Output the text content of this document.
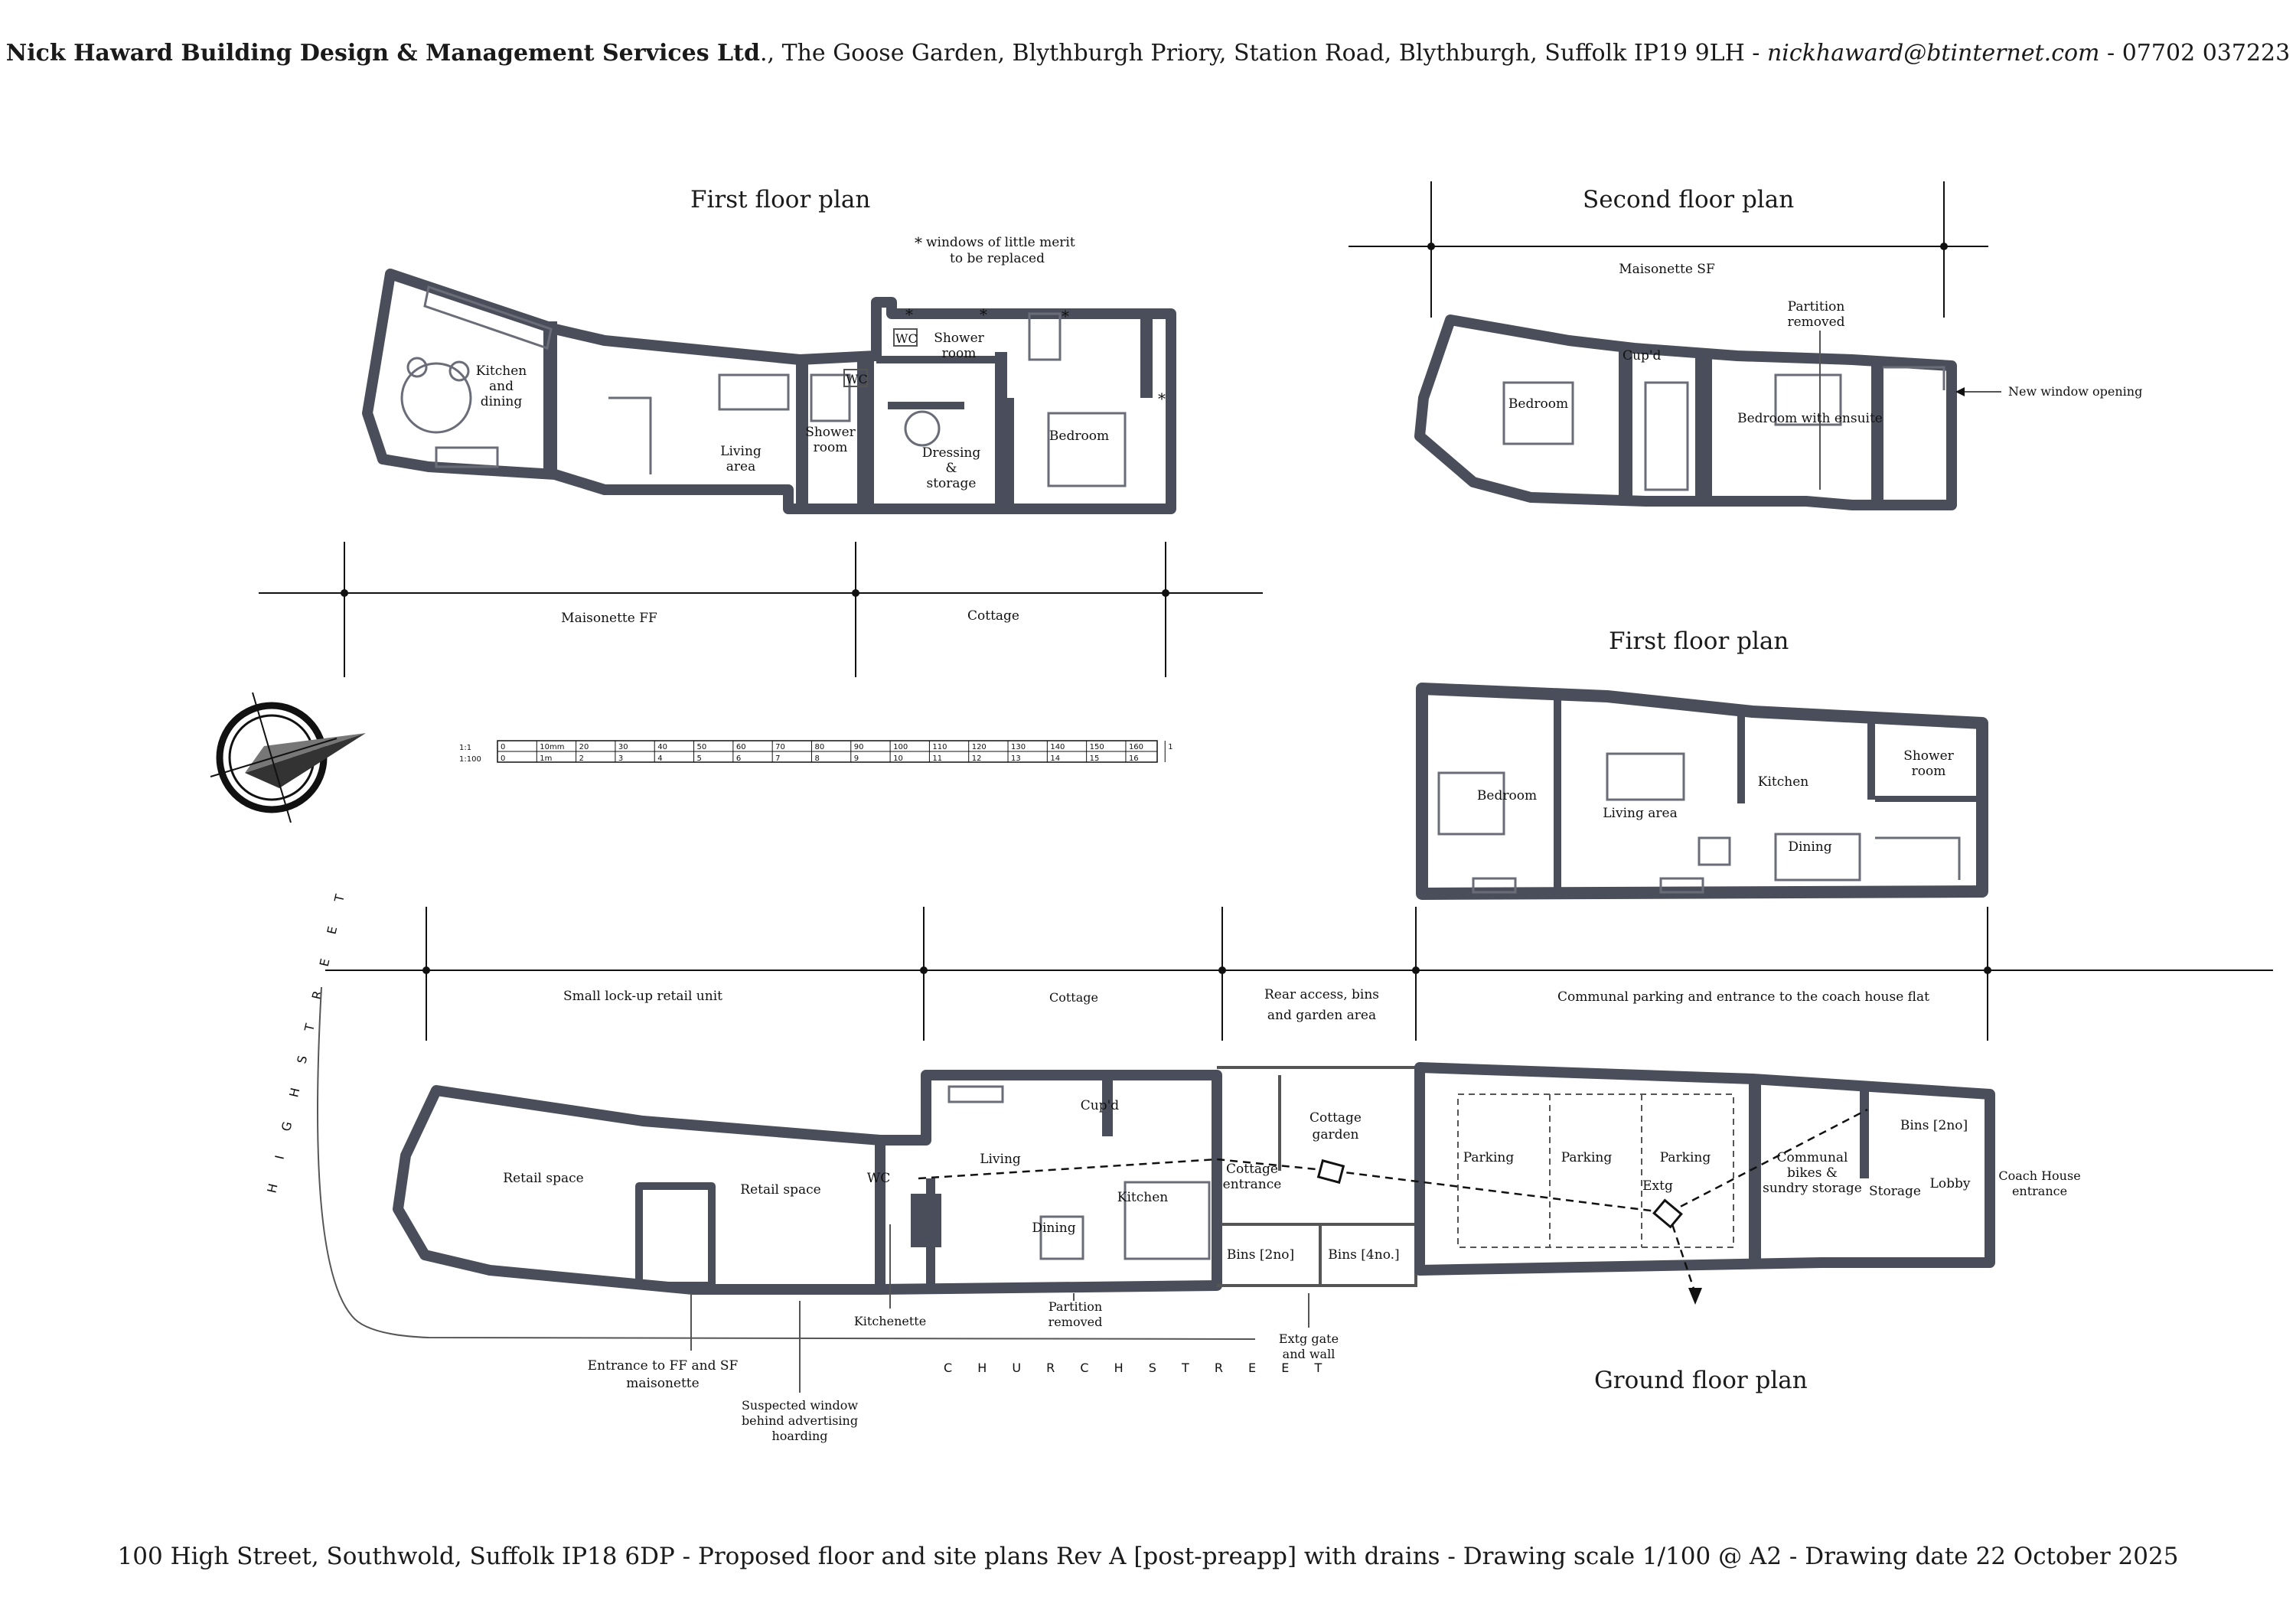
Nick Haward Building Design & Management Services Ltd., The Goose Garden, Blythburgh Priory, Station Road, Blythburgh, Suffolk IP19 9LH - nickhaward@btinternet.com - 07702 037223
First floor plan	Second floor plan
First floor plan
Ground floor plan
WC
WC
*	*	*
*
Kitchen
and
dining
Living
area
Shower
room
Shower
room
Dressing
&
storage
Bedroom
* windows of little merit
to be replaced
Maisonette FF	Cottage
Maisonette SF
Cup'd
Partition
removed
Bedroom
Bedroom with ensuite
New window opening
Bedroom
Living area
Kitchen
Dining
Shower
room
0	10mm 20	30	40	50	60	70	80	90	100	110	120	130	140	150	160	1
0	1m	2	3	4	5	6	7	8	9	10	11	12	13	14	15	16
1:1
1:100
Small lock-up retail unit	Cottage	Rear access, bins
and garden area
Communal parking and entrance to the coach house flat
H I G H S T R E E T
C H U R C H S T R E E T
Retail space
Retail space
WC
Living
Cup'd
Dining
Kitchen
Cottage
entrance
Cottage
garden
Bins [2no]	Bins [4no.]
Parking	Parking	Parking
Extg
Communal
bikes &
sundry storage Storage
Bins [2no]
Lobby
Coach House
entrance
Kitchenette
Partition
removed
Entrance to FF and SF
maisonette
Suspected window
behind advertising
hoarding
Extg gate
and wall
100 High Street, Southwold, Suffolk IP18 6DP - Proposed floor and site plans Rev A [post-preapp] with drains - Drawing scale 1/100 @ A2 - Drawing date 22 October 2025
